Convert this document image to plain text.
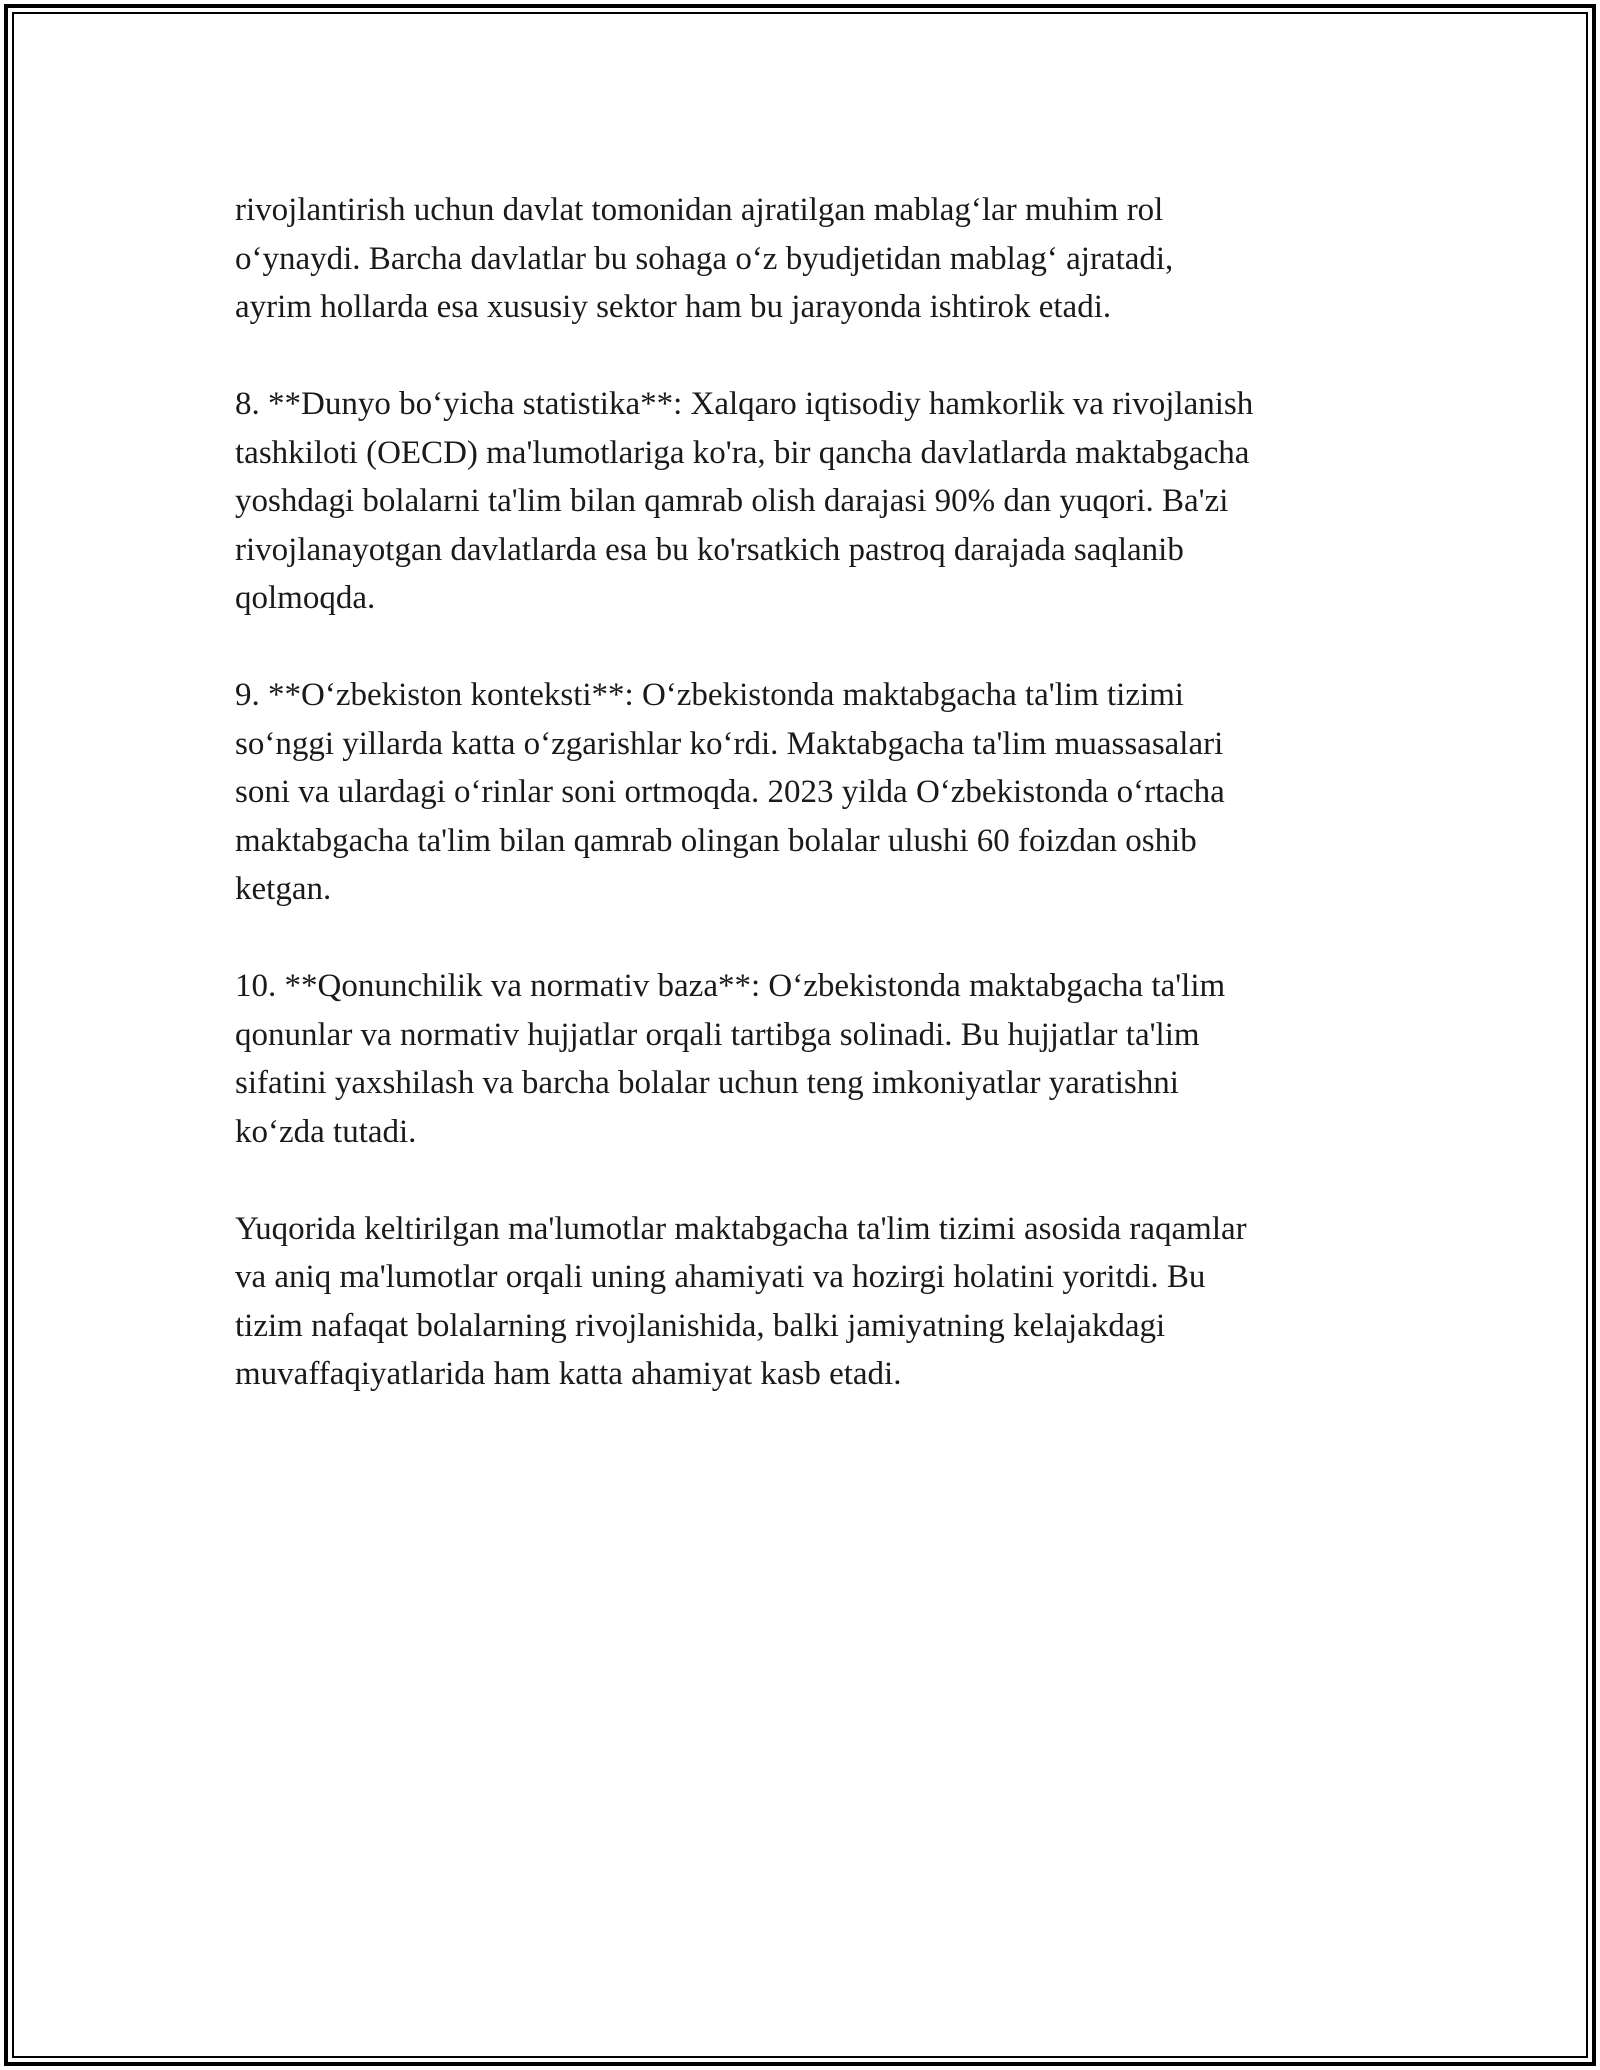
rivojlantirish uchun davlat tomonidan ajratilgan mablag‘lar muhim rol
o‘ynaydi. Barcha davlatlar bu sohaga o‘z byudjetidan mablag‘ ajratadi,
ayrim hollarda esa xususiy sektor ham bu jarayonda ishtirok etadi.

8. **Dunyo bo‘yicha statistika**: Xalqaro iqtisodiy hamkorlik va rivojlanish
tashkiloti (OECD) ma'lumotlariga ko'ra, bir qancha davlatlarda maktabgacha
yoshdagi bolalarni ta'lim bilan qamrab olish darajasi 90% dan yuqori. Ba'zi
rivojlanayotgan davlatlarda esa bu ko'rsatkich pastroq darajada saqlanib
qolmoqda.

9. **O‘zbekiston konteksti**: O‘zbekistonda maktabgacha ta'lim tizimi
so‘nggi yillarda katta o‘zgarishlar ko‘rdi. Maktabgacha ta'lim muassasalari
soni va ulardagi o‘rinlar soni ortmoqda. 2023 yilda O‘zbekistonda o‘rtacha
maktabgacha ta'lim bilan qamrab olingan bolalar ulushi 60 foizdan oshib
ketgan.

10. **Qonunchilik va normativ baza**: O‘zbekistonda maktabgacha ta'lim
qonunlar va normativ hujjatlar orqali tartibga solinadi. Bu hujjatlar ta'lim
sifatini yaxshilash va barcha bolalar uchun teng imkoniyatlar yaratishni
ko‘zda tutadi.

Yuqorida keltirilgan ma'lumotlar maktabgacha ta'lim tizimi asosida raqamlar
va aniq ma'lumotlar orqali uning ahamiyati va hozirgi holatini yoritdi. Bu
tizim nafaqat bolalarning rivojlanishida, balki jamiyatning kelajakdagi
muvaffaqiyatlarida ham katta ahamiyat kasb etadi.
